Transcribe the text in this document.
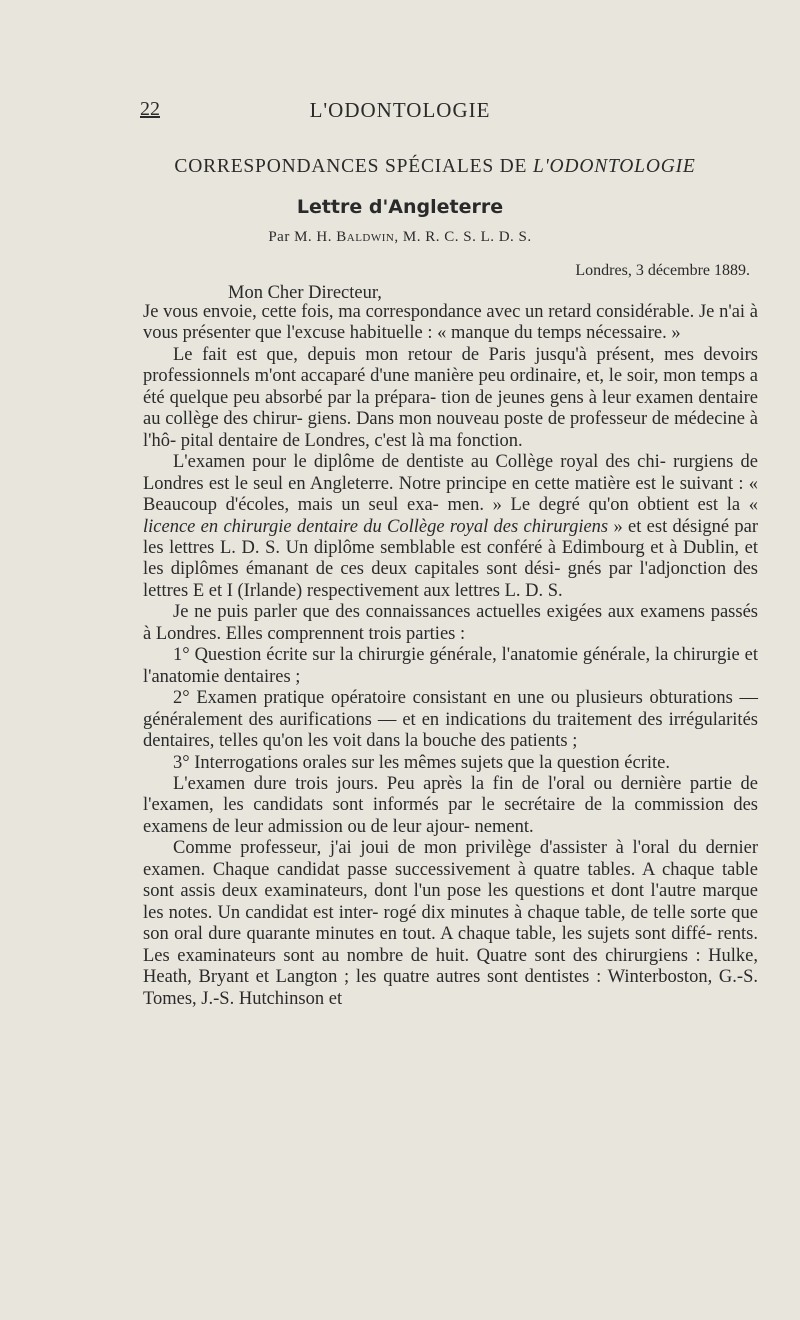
22	L'ODONTOLOGIE
CORRESPONDANCES SPÉCIALES DE L'ODONTOLOGIE
Lettre d'Angleterre
Par M. H. Baldwin, M. R. C. S. L. D. S.
Londres, 3 décembre 1889.
Mon Cher Directeur,

Je vous envoie, cette fois, ma correspondance avec un retard considérable. Je n'ai à vous présenter que l'excuse habituelle : « manque du temps nécessaire. »

Le fait est que, depuis mon retour de Paris jusqu'à présent, mes devoirs professionnels m'ont accaparé d'une manière peu ordinaire, et, le soir, mon temps a été quelque peu absorbé par la prépara- tion de jeunes gens à leur examen dentaire au collège des chirur- giens. Dans mon nouveau poste de professeur de médecine à l'hô- pital dentaire de Londres, c'est là ma fonction.

L'examen pour le diplôme de dentiste au Collège royal des chi- rurgiens de Londres est le seul en Angleterre. Notre principe en cette matière est le suivant : « Beaucoup d'écoles, mais un seul exa- men. » Le degré qu'on obtient est la « licence en chirurgie dentaire du Collège royal des chirurgiens » et est désigné par les lettres L. D. S. Un diplôme semblable est conféré à Edimbourg et à Dublin, et les diplômes émanant de ces deux capitales sont dési- gnés par l'adjonction des lettres E et I (Irlande) respectivement aux lettres L. D. S.

Je ne puis parler que des connaissances actuelles exigées aux examens passés à Londres. Elles comprennent trois parties :

1° Question écrite sur la chirurgie générale, l'anatomie générale, la chirurgie et l'anatomie dentaires ;

2° Examen pratique opératoire consistant en une ou plusieurs obturations — généralement des aurifications — et en indications du traitement des irrégularités dentaires, telles qu'on les voit dans la bouche des patients ;

3° Interrogations orales sur les mêmes sujets que la question écrite.

L'examen dure trois jours. Peu après la fin de l'oral ou dernière partie de l'examen, les candidats sont informés par le secrétaire de la commission des examens de leur admission ou de leur ajour- nement.

Comme professeur, j'ai joui de mon privilège d'assister à l'oral du dernier examen. Chaque candidat passe successivement à quatre tables. A chaque table sont assis deux examinateurs, dont l'un pose les questions et dont l'autre marque les notes. Un candidat est inter- rogé dix minutes à chaque table, de telle sorte que son oral dure quarante minutes en tout. A chaque table, les sujets sont diffé- rents. Les examinateurs sont au nombre de huit. Quatre sont des chirurgiens : Hulke, Heath, Bryant et Langton ; les quatre autres sont dentistes : Winterboston, G.-S. Tomes, J.-S. Hutchinson et
